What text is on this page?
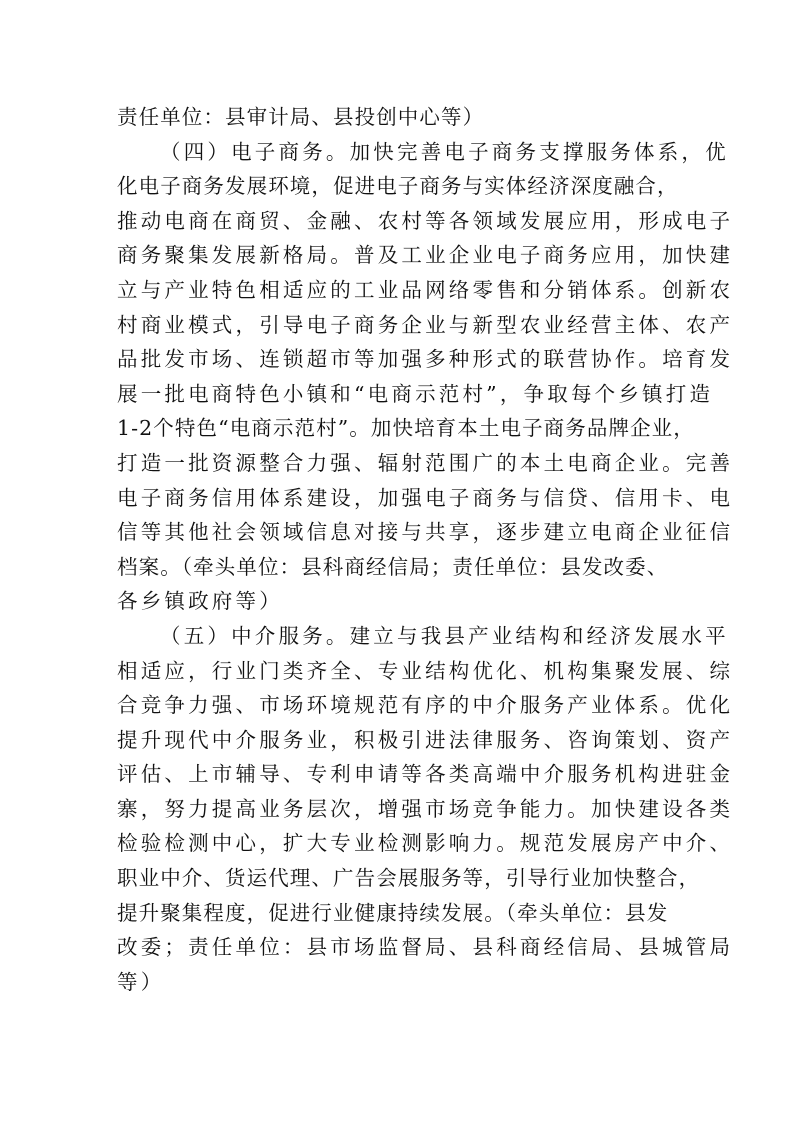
责任单位：县审计局、县投创中心等）
（四）电子商务。加快完善电子商务支撑服务体系，优
化电子商务发展环境，促进电子商务与实体经济深度融合，
推动电商在商贸、金融、农村等各领域发展应用，形成电子
商务聚集发展新格局。普及工业企业电子商务应用，加快建
立与产业特色相适应的工业品网络零售和分销体系。创新农
村商业模式，引导电子商务企业与新型农业经营主体、农产
品批发市场、连锁超市等加强多种形式的联营协作。培育发
展一批电商特色小镇和“电商示范村”，争取每个乡镇打造
1-2个特色“电商示范村”。加快培育本土电子商务品牌企业，
打造一批资源整合力强、辐射范围广的本土电商企业。完善
电子商务信用体系建设，加强电子商务与信贷、信用卡、电
信等其他社会领域信息对接与共享，逐步建立电商企业征信
档案。（牵头单位：县科商经信局；责任单位：县发改委、
各乡镇政府等）
（五）中介服务。建立与我县产业结构和经济发展水平
相适应，行业门类齐全、专业结构优化、机构集聚发展、综
合竞争力强、市场环境规范有序的中介服务产业体系。优化
提升现代中介服务业，积极引进法律服务、咨询策划、资产
评估、上市辅导、专利申请等各类高端中介服务机构进驻金
寨，努力提高业务层次，增强市场竞争能力。加快建设各类
检验检测中心，扩大专业检测影响力。规范发展房产中介、
职业中介、货运代理、广告会展服务等，引导行业加快整合，
提升聚集程度，促进行业健康持续发展。（牵头单位：县发
改委；责任单位：县市场监督局、县科商经信局、县城管局
等）
